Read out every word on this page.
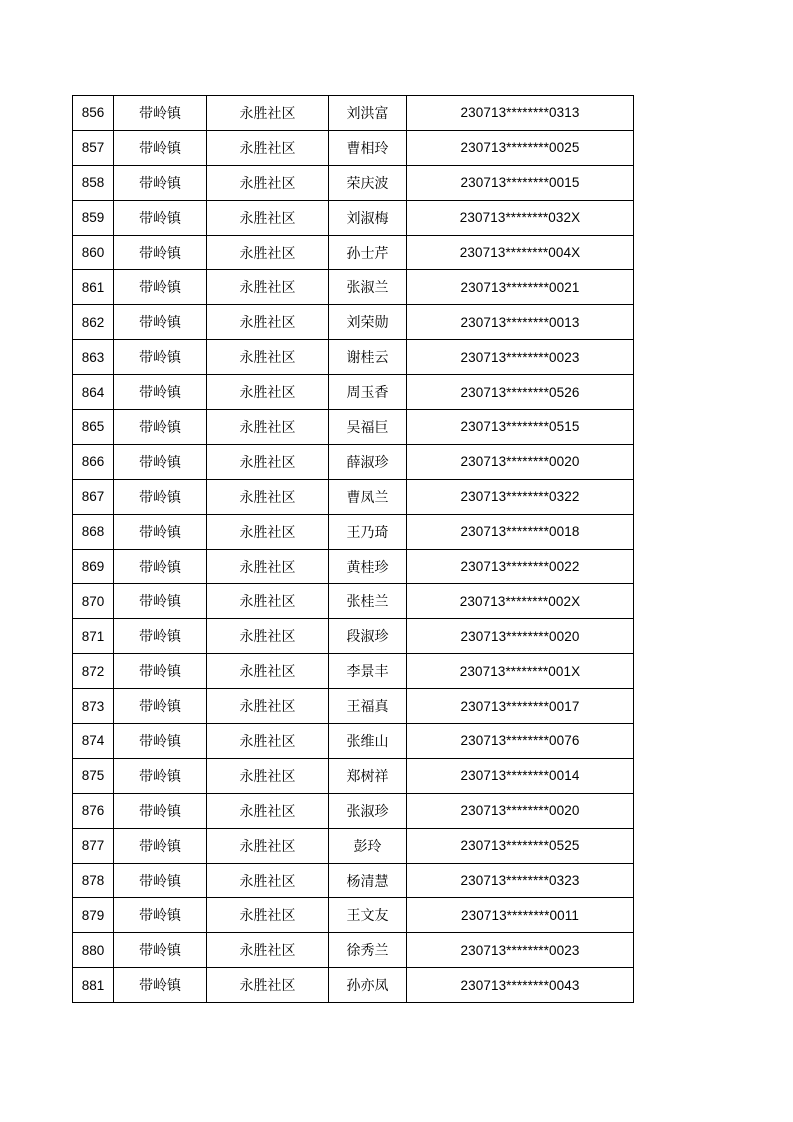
856	带岭镇	永胜社区	刘洪富	230713********0313
857	带岭镇	永胜社区	曹相玲	230713********0025
858	带岭镇	永胜社区	荣庆波	230713********0015
859	带岭镇	永胜社区	刘淑梅	230713********032X
860	带岭镇	永胜社区	孙士芹	230713********004X
861	带岭镇	永胜社区	张淑兰	230713********0021
862	带岭镇	永胜社区	刘荣勋	230713********0013
863	带岭镇	永胜社区	谢桂云	230713********0023
864	带岭镇	永胜社区	周玉香	230713********0526
865	带岭镇	永胜社区	吴福巨	230713********0515
866	带岭镇	永胜社区	薛淑珍	230713********0020
867	带岭镇	永胜社区	曹凤兰	230713********0322
868	带岭镇	永胜社区	王乃琦	230713********0018
869	带岭镇	永胜社区	黄桂珍	230713********0022
870	带岭镇	永胜社区	张桂兰	230713********002X
871	带岭镇	永胜社区	段淑珍	230713********0020
872	带岭镇	永胜社区	李景丰	230713********001X
873	带岭镇	永胜社区	王福真	230713********0017
874	带岭镇	永胜社区	张维山	230713********0076
875	带岭镇	永胜社区	郑树祥	230713********0014
876	带岭镇	永胜社区	张淑珍	230713********0020
877	带岭镇	永胜社区	彭玲	230713********0525
878	带岭镇	永胜社区	杨清慧	230713********0323
879	带岭镇	永胜社区	王文友	230713********0011
880	带岭镇	永胜社区	徐秀兰	230713********0023
881	带岭镇	永胜社区	孙亦凤	230713********0043
